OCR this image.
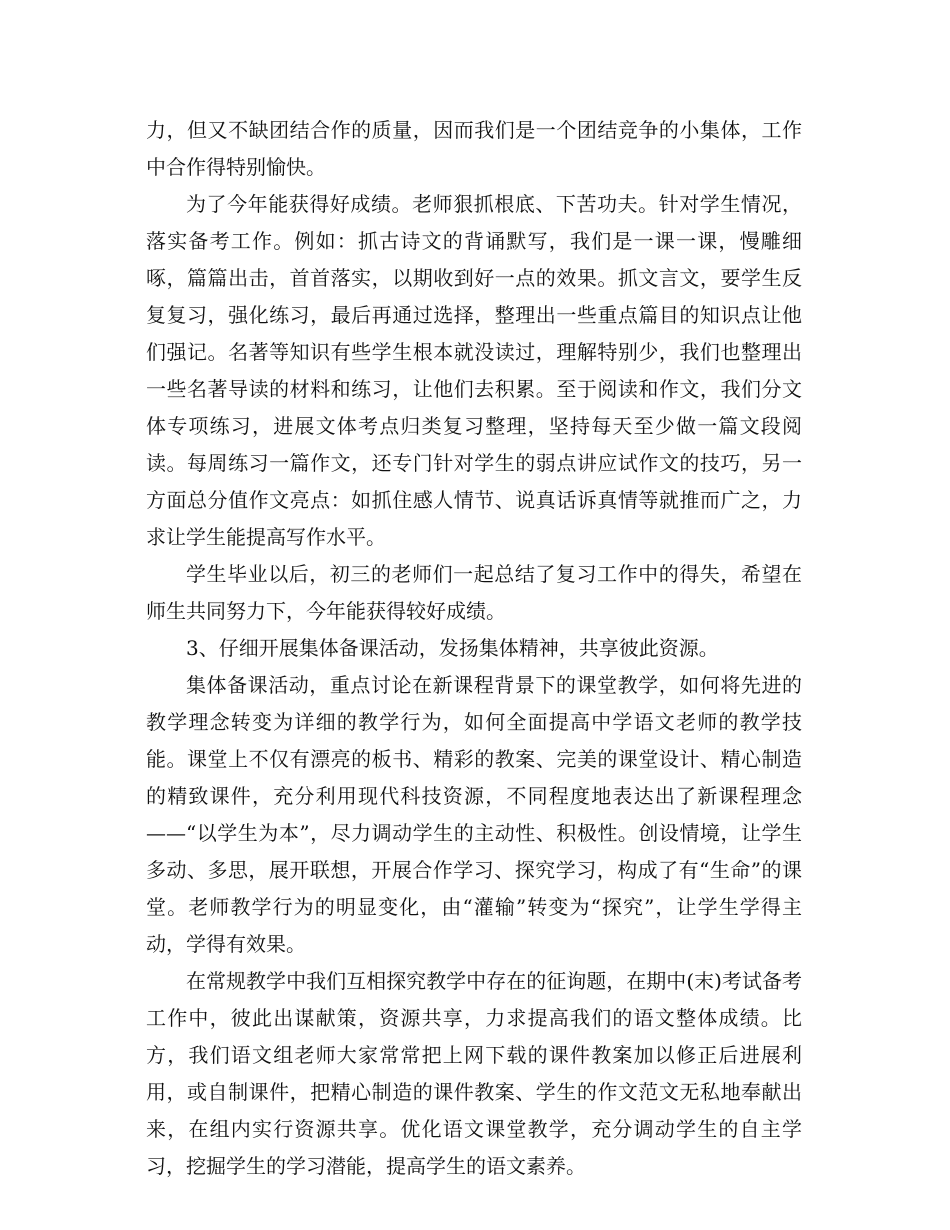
力，但又不缺团结合作的质量，因而我们是一个团结竞争的小集体，工作中合作得特别愉快。

为了今年能获得好成绩。老师狠抓根底、下苦功夫。针对学生情况，落实备考工作。例如：抓古诗文的背诵默写，我们是一课一课，慢雕细啄，篇篇出击，首首落实，以期收到好一点的效果。抓文言文，要学生反复复习，强化练习，最后再通过选择，整理出一些重点篇目的知识点让他们强记。名著等知识有些学生根本就没读过，理解特别少，我们也整理出一些名著导读的材料和练习，让他们去积累。至于阅读和作文，我们分文体专项练习，进展文体考点归类复习整理，坚持每天至少做一篇文段阅读。每周练习一篇作文，还专门针对学生的弱点讲应试作文的技巧，另一方面总分值作文亮点：如抓住感人情节、说真话诉真情等就推而广之，力求让学生能提高写作水平。

学生毕业以后，初三的老师们一起总结了复习工作中的得失，希望在师生共同努力下，今年能获得较好成绩。

3、仔细开展集体备课活动，发扬集体精神，共享彼此资源。

集体备课活动，重点讨论在新课程背景下的课堂教学，如何将先进的教学理念转变为详细的教学行为，如何全面提高中学语文老师的教学技能。课堂上不仅有漂亮的板书、精彩的教案、完美的课堂设计、精心制造的精致课件，充分利用现代科技资源，不同程度地表达出了新课程理念——“以学生为本”，尽力调动学生的主动性、积极性。创设情境，让学生多动、多思，展开联想，开展合作学习、探究学习，构成了有“生命”的课堂。老师教学行为的明显变化，由“灌输”转变为“探究”，让学生学得主动，学得有效果。

在常规教学中我们互相探究教学中存在的征询题，在期中(末)考试备考工作中，彼此出谋献策，资源共享，力求提高我们的语文整体成绩。比方，我们语文组老师大家常常把上网下载的课件教案加以修正后进展利用，或自制课件，把精心制造的课件教案、学生的作文范文无私地奉献出来，在组内实行资源共享。优化语文课堂教学，充分调动学生的自主学习，挖掘学生的学习潜能，提高学生的语文素养。
